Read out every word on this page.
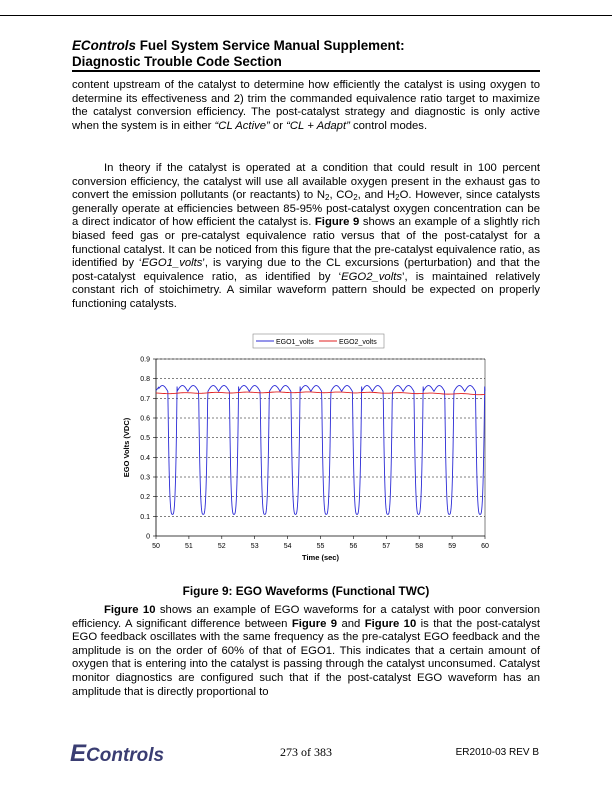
EControls Fuel System Service Manual Supplement:
Diagnostic Trouble Code Section
content upstream of the catalyst to determine how efficiently the catalyst is using oxygen to determine its effectiveness and 2) trim the commanded equivalence ratio target to maximize the catalyst conversion efficiency. The post-catalyst strategy and diagnostic is only active when the system is in either “CL Active” or “CL + Adapt” control modes.
In theory if the catalyst is operated at a condition that could result in 100 percent conversion efficiency, the catalyst will use all available oxygen present in the exhaust gas to convert the emission pollutants (or reactants) to $N_2$, $CO_2$, and $H_2O$. However, since catalysts generally operate at efficiencies between 85-95% post-catalyst oxygen concentration can be a direct indicator of how efficient the catalyst is. Figure 9 shows an example of a slightly rich biased feed gas or pre-catalyst equivalence ratio versus that of the post-catalyst for a functional catalyst. It can be noticed from this figure that the pre-catalyst equivalence ratio, as identified by ‘EGO1_volts’, is varying due to the CL excursions (perturbation) and that the post-catalyst equivalence ratio, as identified by ‘EGO2_volts’, is maintained relatively constant rich of stoichimetry. A similar waveform pattern should be expected on properly functioning catalysts.
EGO1_volts	EGO2_volts
0
0.1
0.2
0.3
0.4
0.5
0.6
0.7
0.8
0.9
50	51	52	53	54	55	56	57	58	59	60
Time (sec)
EGO Volts (VDC)
Figure 9: EGO Waveforms (Functional TWC)
Figure 10 shows an example of EGO waveforms for a catalyst with poor conversion efficiency. A significant difference between Figure 9 and Figure 10 is that the post-catalyst EGO feedback oscillates with the same frequency as the pre-catalyst EGO feedback and the amplitude is on the order of 60% of that of EGO1. This indicates that a certain amount of oxygen that is entering into the catalyst is passing through the catalyst unconsumed. Catalyst monitor diagnostics are configured such that if the post-catalyst EGO waveform has an amplitude that is directly proportional to
EControls	273 of 383	ER2010-03 REV B
